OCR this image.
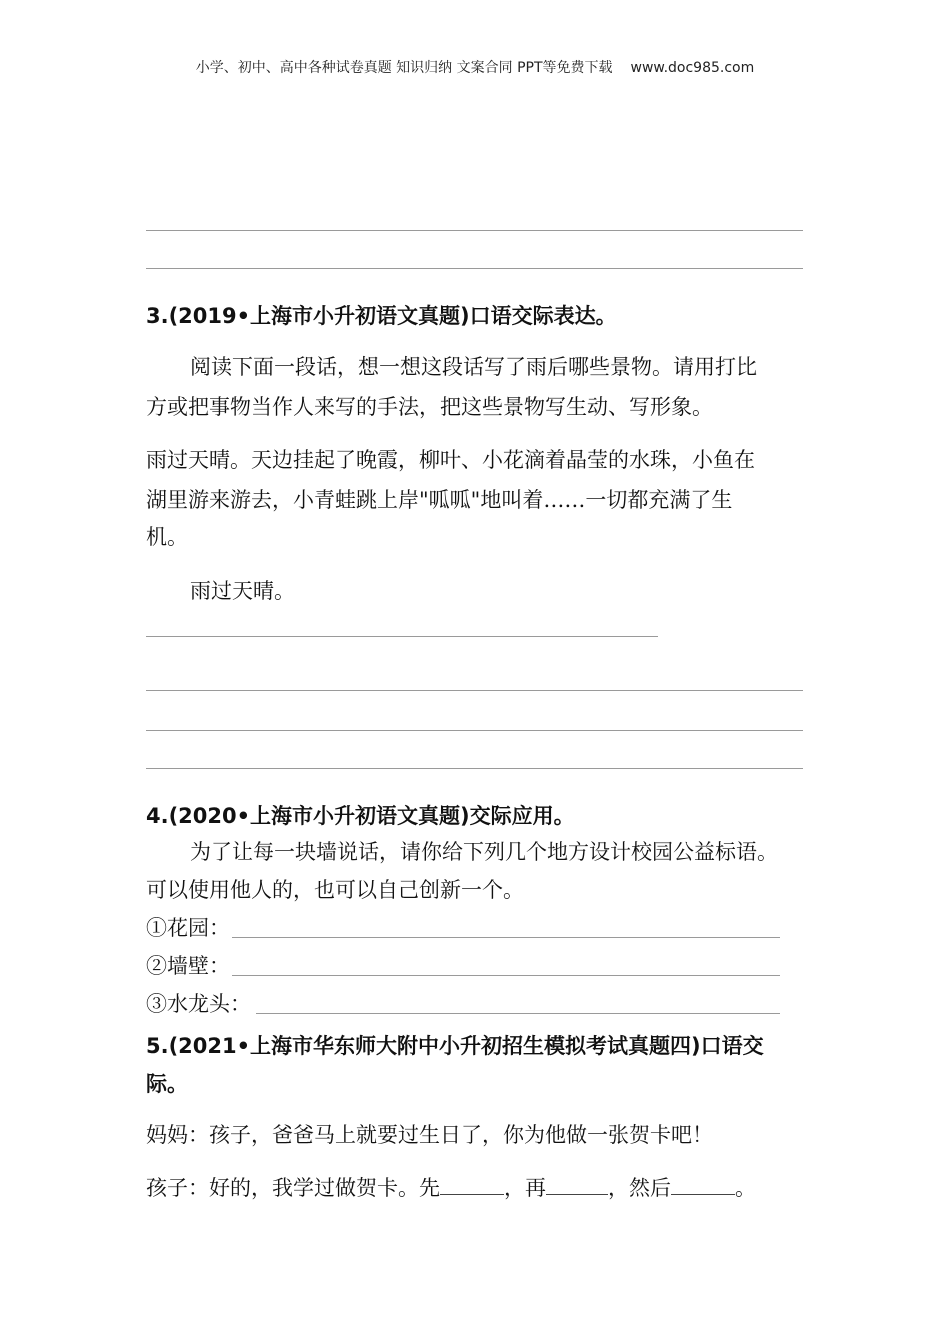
小学、初中、高中各种试卷真题 知识归纳 文案合同 PPT等免费下载 www.doc985.com
3.(2019•上海市小升初语文真题)口语交际表达。
阅读下面一段话，想一想这段话写了雨后哪些景物。请用打比
方或把事物当作人来写的手法，把这些景物写生动、写形象。
雨过天晴。天边挂起了晚霞，柳叶、小花滴着晶莹的水珠，小鱼在
湖里游来游去，小青蛙跳上岸"呱呱"地叫着……一切都充满了生
机。
雨过天晴。
4.(2020•上海市小升初语文真题)交际应用。
为了让每一块墙说话，请你给下列几个地方设计校园公益标语。
可以使用他人的，也可以自己创新一个。
①花园：
②墙壁：
③水龙头：
5.(2021•上海市华东师大附中小升初招生模拟考试真题四)口语交
际。
妈妈：孩子，爸爸马上就要过生日了，你为他做一张贺卡吧！
孩子：好的，我学过做贺卡。先	，再	，然后	。
